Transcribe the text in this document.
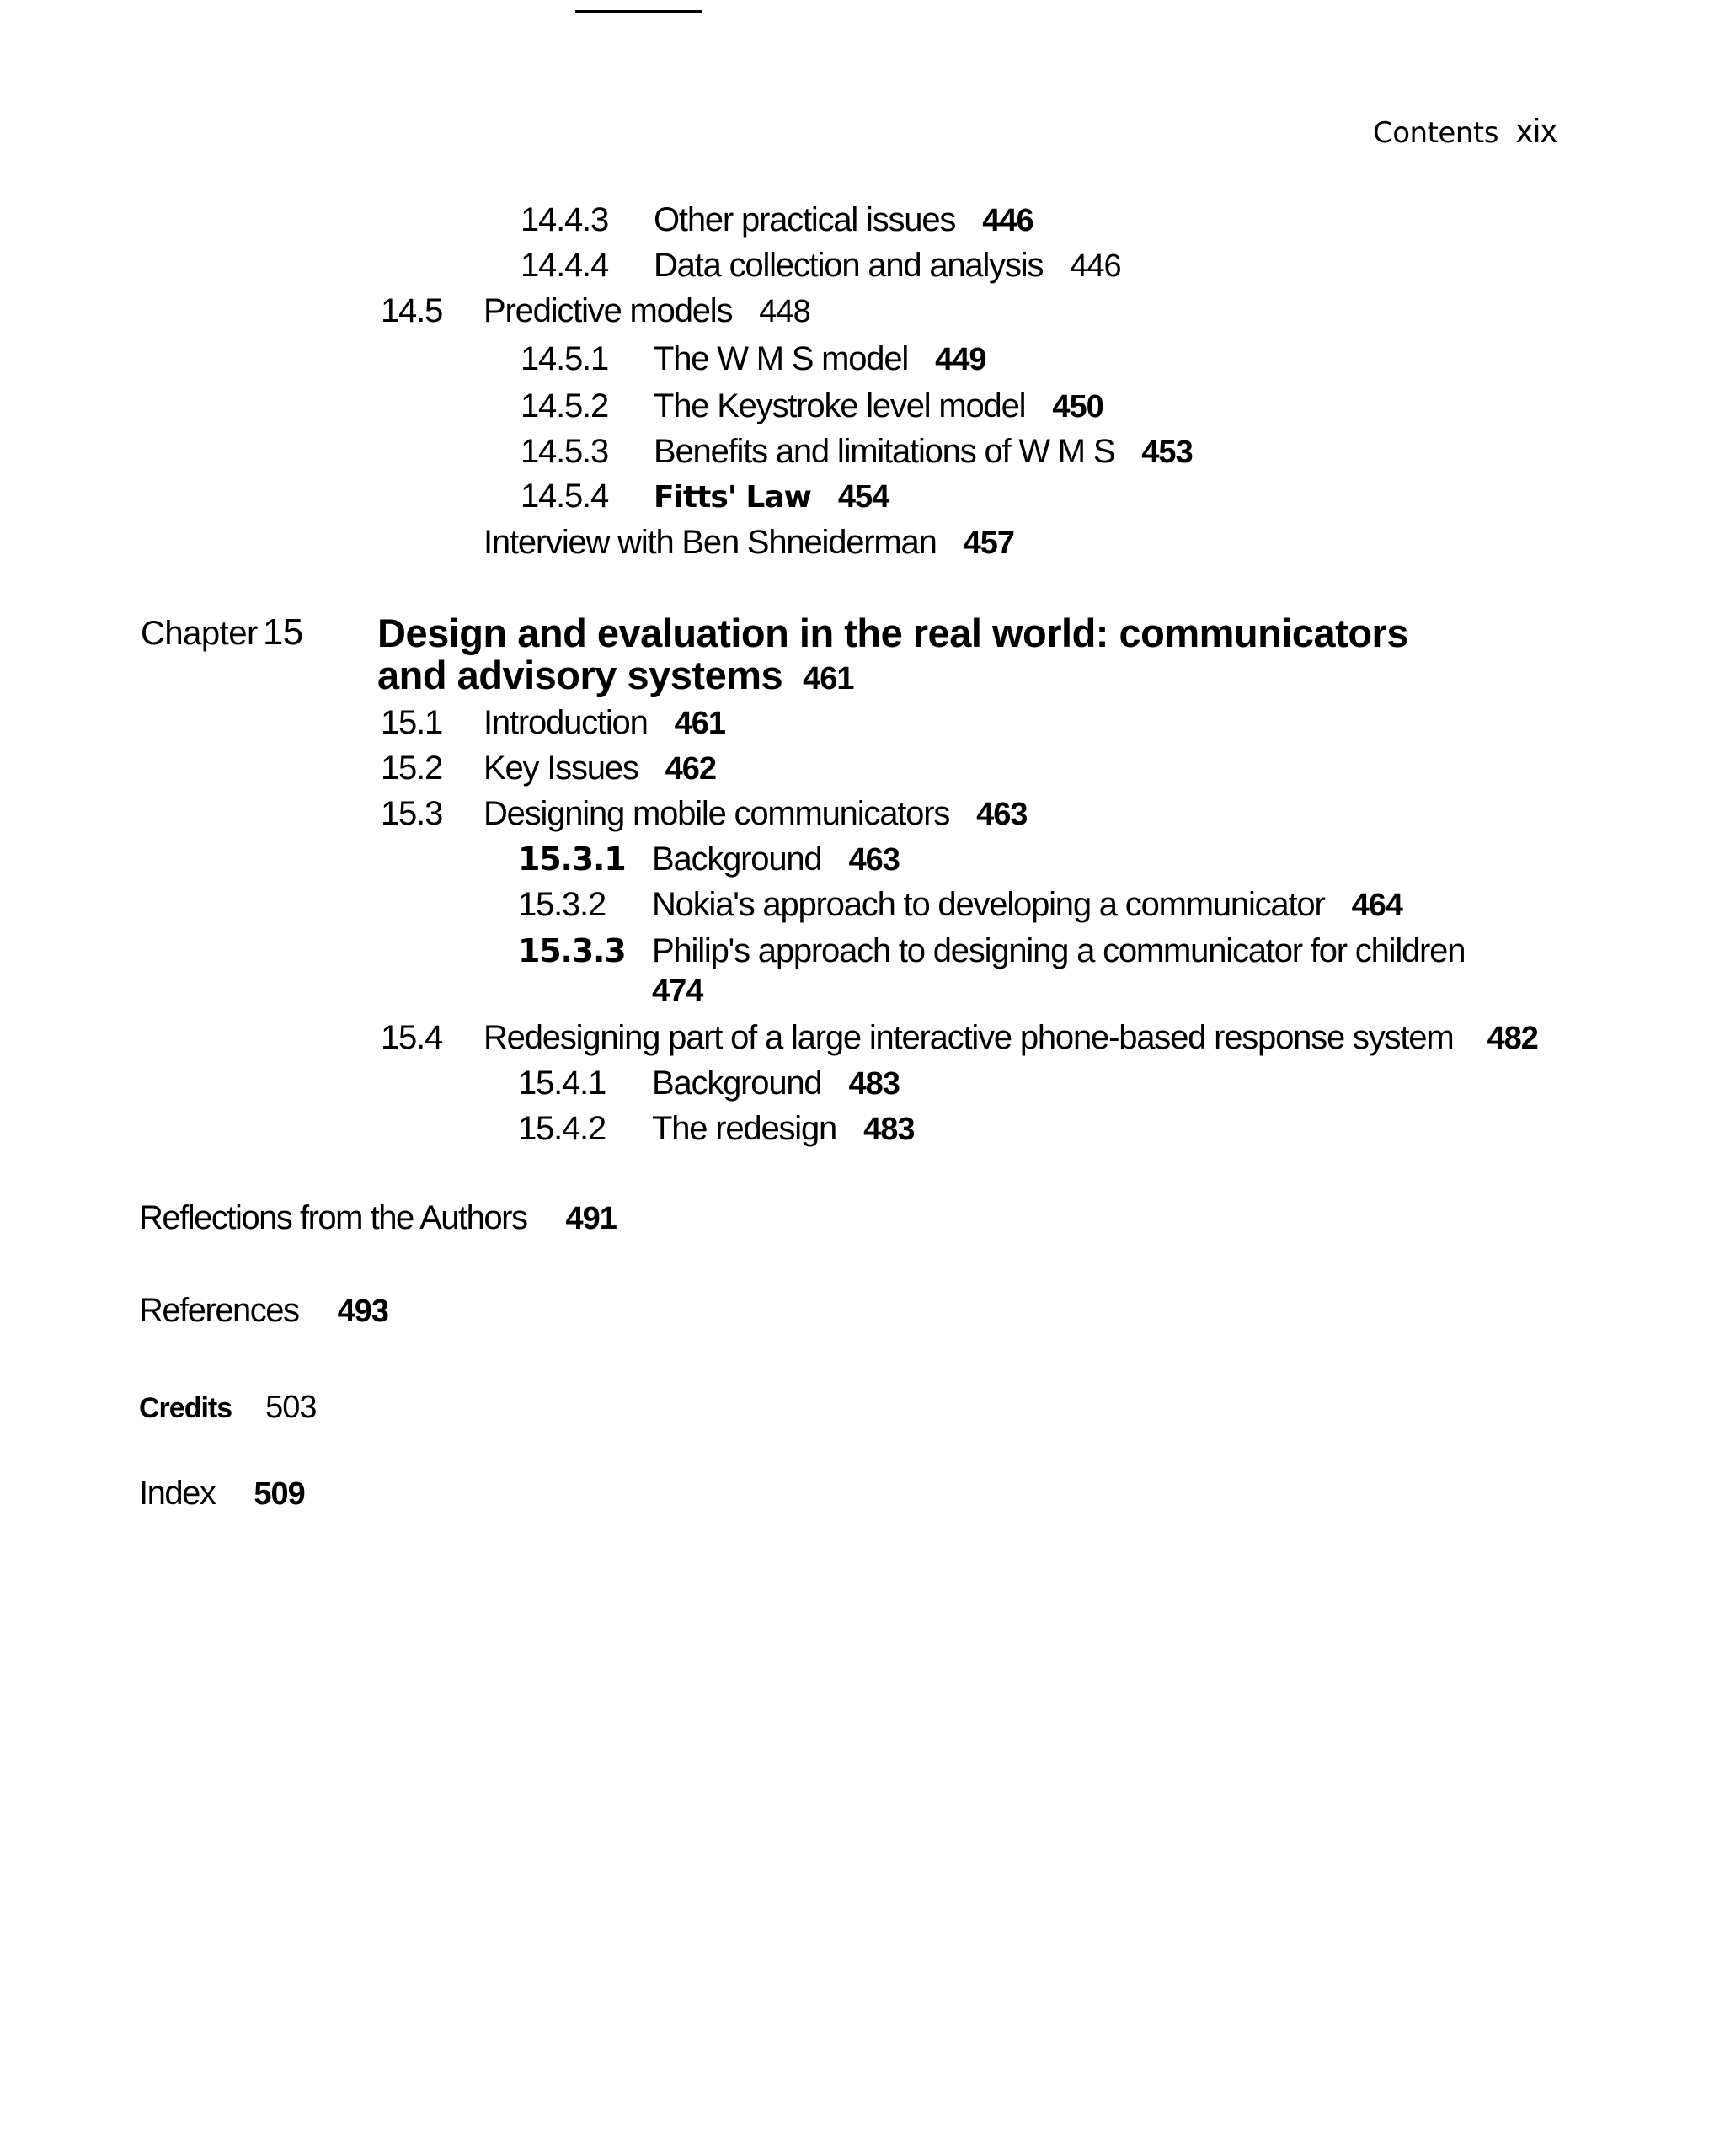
Contents xix
14.4.3 Other practical issues 446
14.4.4 Data collection and analysis 446
14.5 Predictive models 448
14.5.1 The W M S model 449
14.5.2 The Keystroke level model 450
14.5.3 Benefits and limitations of W M S 453
14.5.4 Fitts' Law 454
Interview with Ben Shneiderman 457
Chapter 15 Design and evaluation in the real world: communicators
and advisory systems 461
15.1 Introduction 461
15.2 Key Issues 462
15.3 Designing mobile communicators 463
15.3.1 Background 463
15.3.2 Nokia's approach to developing a communicator 464
15.3.3 Philip's approach to designing a communicator for children
474
15.4 Redesigning part of a large interactive phone-based response system 482
15.4.1 Background 483
15.4.2 The redesign 483
Reflections from the Authors 491
References 493
Credits 503
Index 509
